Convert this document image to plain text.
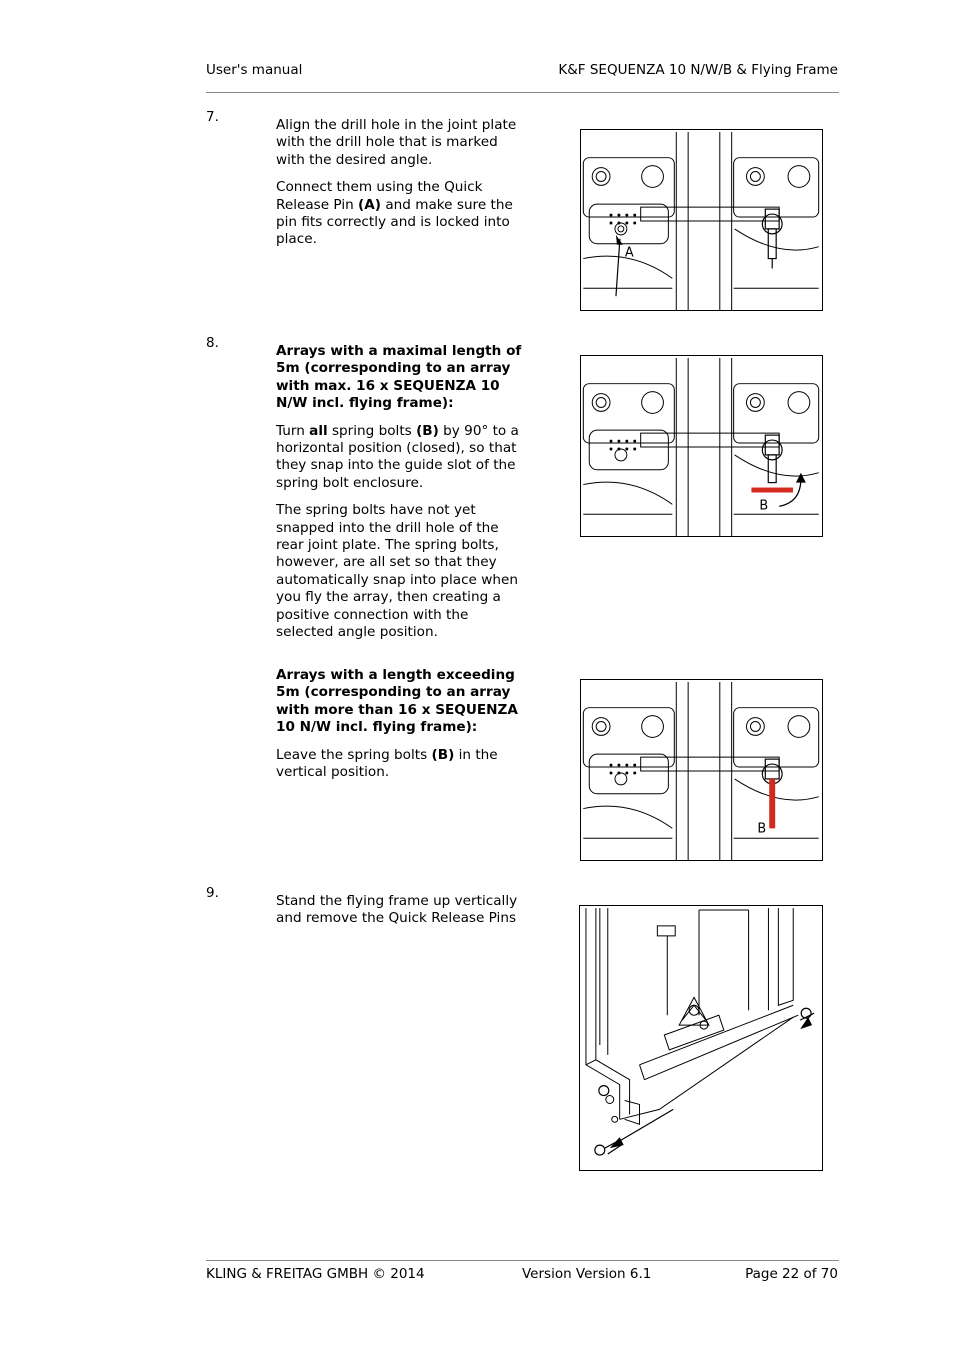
User's manual	K&F SEQUENZA 10 N/W/B & Flying Frame
7.	Align the drill hole in the joint plate with the drill hole that is marked with the desired angle.

Connect them using the Quick Release Pin (A) and make sure the pin fits correctly and is locked into place.

A
8.	Arrays with a maximal length of 5m (corresponding to an array with max. 16 x SEQUENZA 10 N/W incl. flying frame):

Turn all spring bolts (B) by 90° to a horizontal position (closed), so that they snap into the guide slot of the spring bolt enclosure.

The spring bolts have not yet snapped into the drill hole of the rear joint plate. The spring bolts, however, are all set so that they automatically snap into place when you fly the array, then creating a positive connection with the selected angle position.

B

Arrays with a length exceeding 5m (corresponding to an array with more than 16 x SEQUENZA 10 N/W incl. flying frame):

Leave the spring bolts (B) in the vertical position.

B
9.	Stand the flying frame up vertically and remove the Quick Release Pins

KLING & FREITAG GMBH © 2014	Version Version 6.1	Page 22 of 70
